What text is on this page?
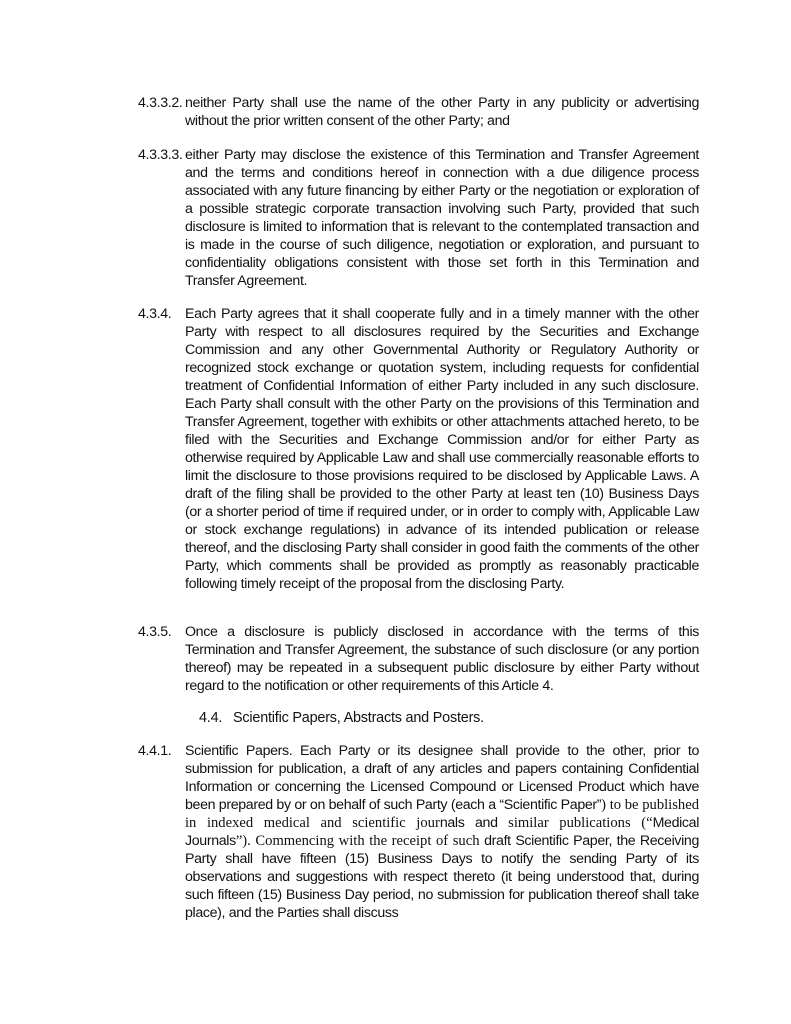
4.3.3.2. neither Party shall use the name of the other Party in any publicity or advertising without the prior written consent of the other Party; and
4.3.3.3. either Party may disclose the existence of this Termination and Transfer Agreement and the terms and conditions hereof in connection with a due diligence process associated with any future financing by either Party or the negotiation or exploration of a possible strategic corporate transaction involving such Party, provided that such disclosure is limited to information that is relevant to the contemplated transaction and is made in the course of such diligence, negotiation or exploration, and pursuant to confidentiality obligations consistent with those set forth in this Termination and Transfer Agreement.
4.3.4. Each Party agrees that it shall cooperate fully and in a timely manner with the other Party with respect to all disclosures required by the Securities and Exchange Commission and any other Governmental Authority or Regulatory Authority or recognized stock exchange or quotation system, including requests for confidential treatment of Confidential Information of either Party included in any such disclosure. Each Party shall consult with the other Party on the provisions of this Termination and Transfer Agreement, together with exhibits or other attachments attached hereto, to be filed with the Securities and Exchange Commission and/or for either Party as otherwise required by Applicable Law and shall use commercially reasonable efforts to limit the disclosure to those provisions required to be disclosed by Applicable Laws. A draft of the filing shall be provided to the other Party at least ten (10) Business Days (or a shorter period of time if required under, or in order to comply with, Applicable Law or stock exchange regulations) in advance of its intended publication or release thereof, and the disclosing Party shall consider in good faith the comments of the other Party, which comments shall be provided as promptly as reasonably practicable following timely receipt of the proposal from the disclosing Party.
4.3.5. Once a disclosure is publicly disclosed in accordance with the terms of this Termination and Transfer Agreement, the substance of such disclosure (or any portion thereof) may be repeated in a subsequent public disclosure by either Party without regard to the notification or other requirements of this Article 4.
4.4. Scientific Papers, Abstracts and Posters.
4.4.1. Scientific Papers. Each Party or its designee shall provide to the other, prior to submission for publication, a draft of any articles and papers containing Confidential Information or concerning the Licensed Compound or Licensed Product which have been prepared by or on behalf of such Party (each a “Scientific Paper”) to be published in indexed medical and scientific journals and similar publications (“Medical Journals”). Commencing with the receipt of such draft Scientific Paper, the Receiving Party shall have fifteen (15) Business Days to notify the sending Party of its observations and suggestions with respect thereto (it being understood that, during such fifteen (15) Business Day period, no submission for publication thereof shall take place), and the Parties shall discuss
